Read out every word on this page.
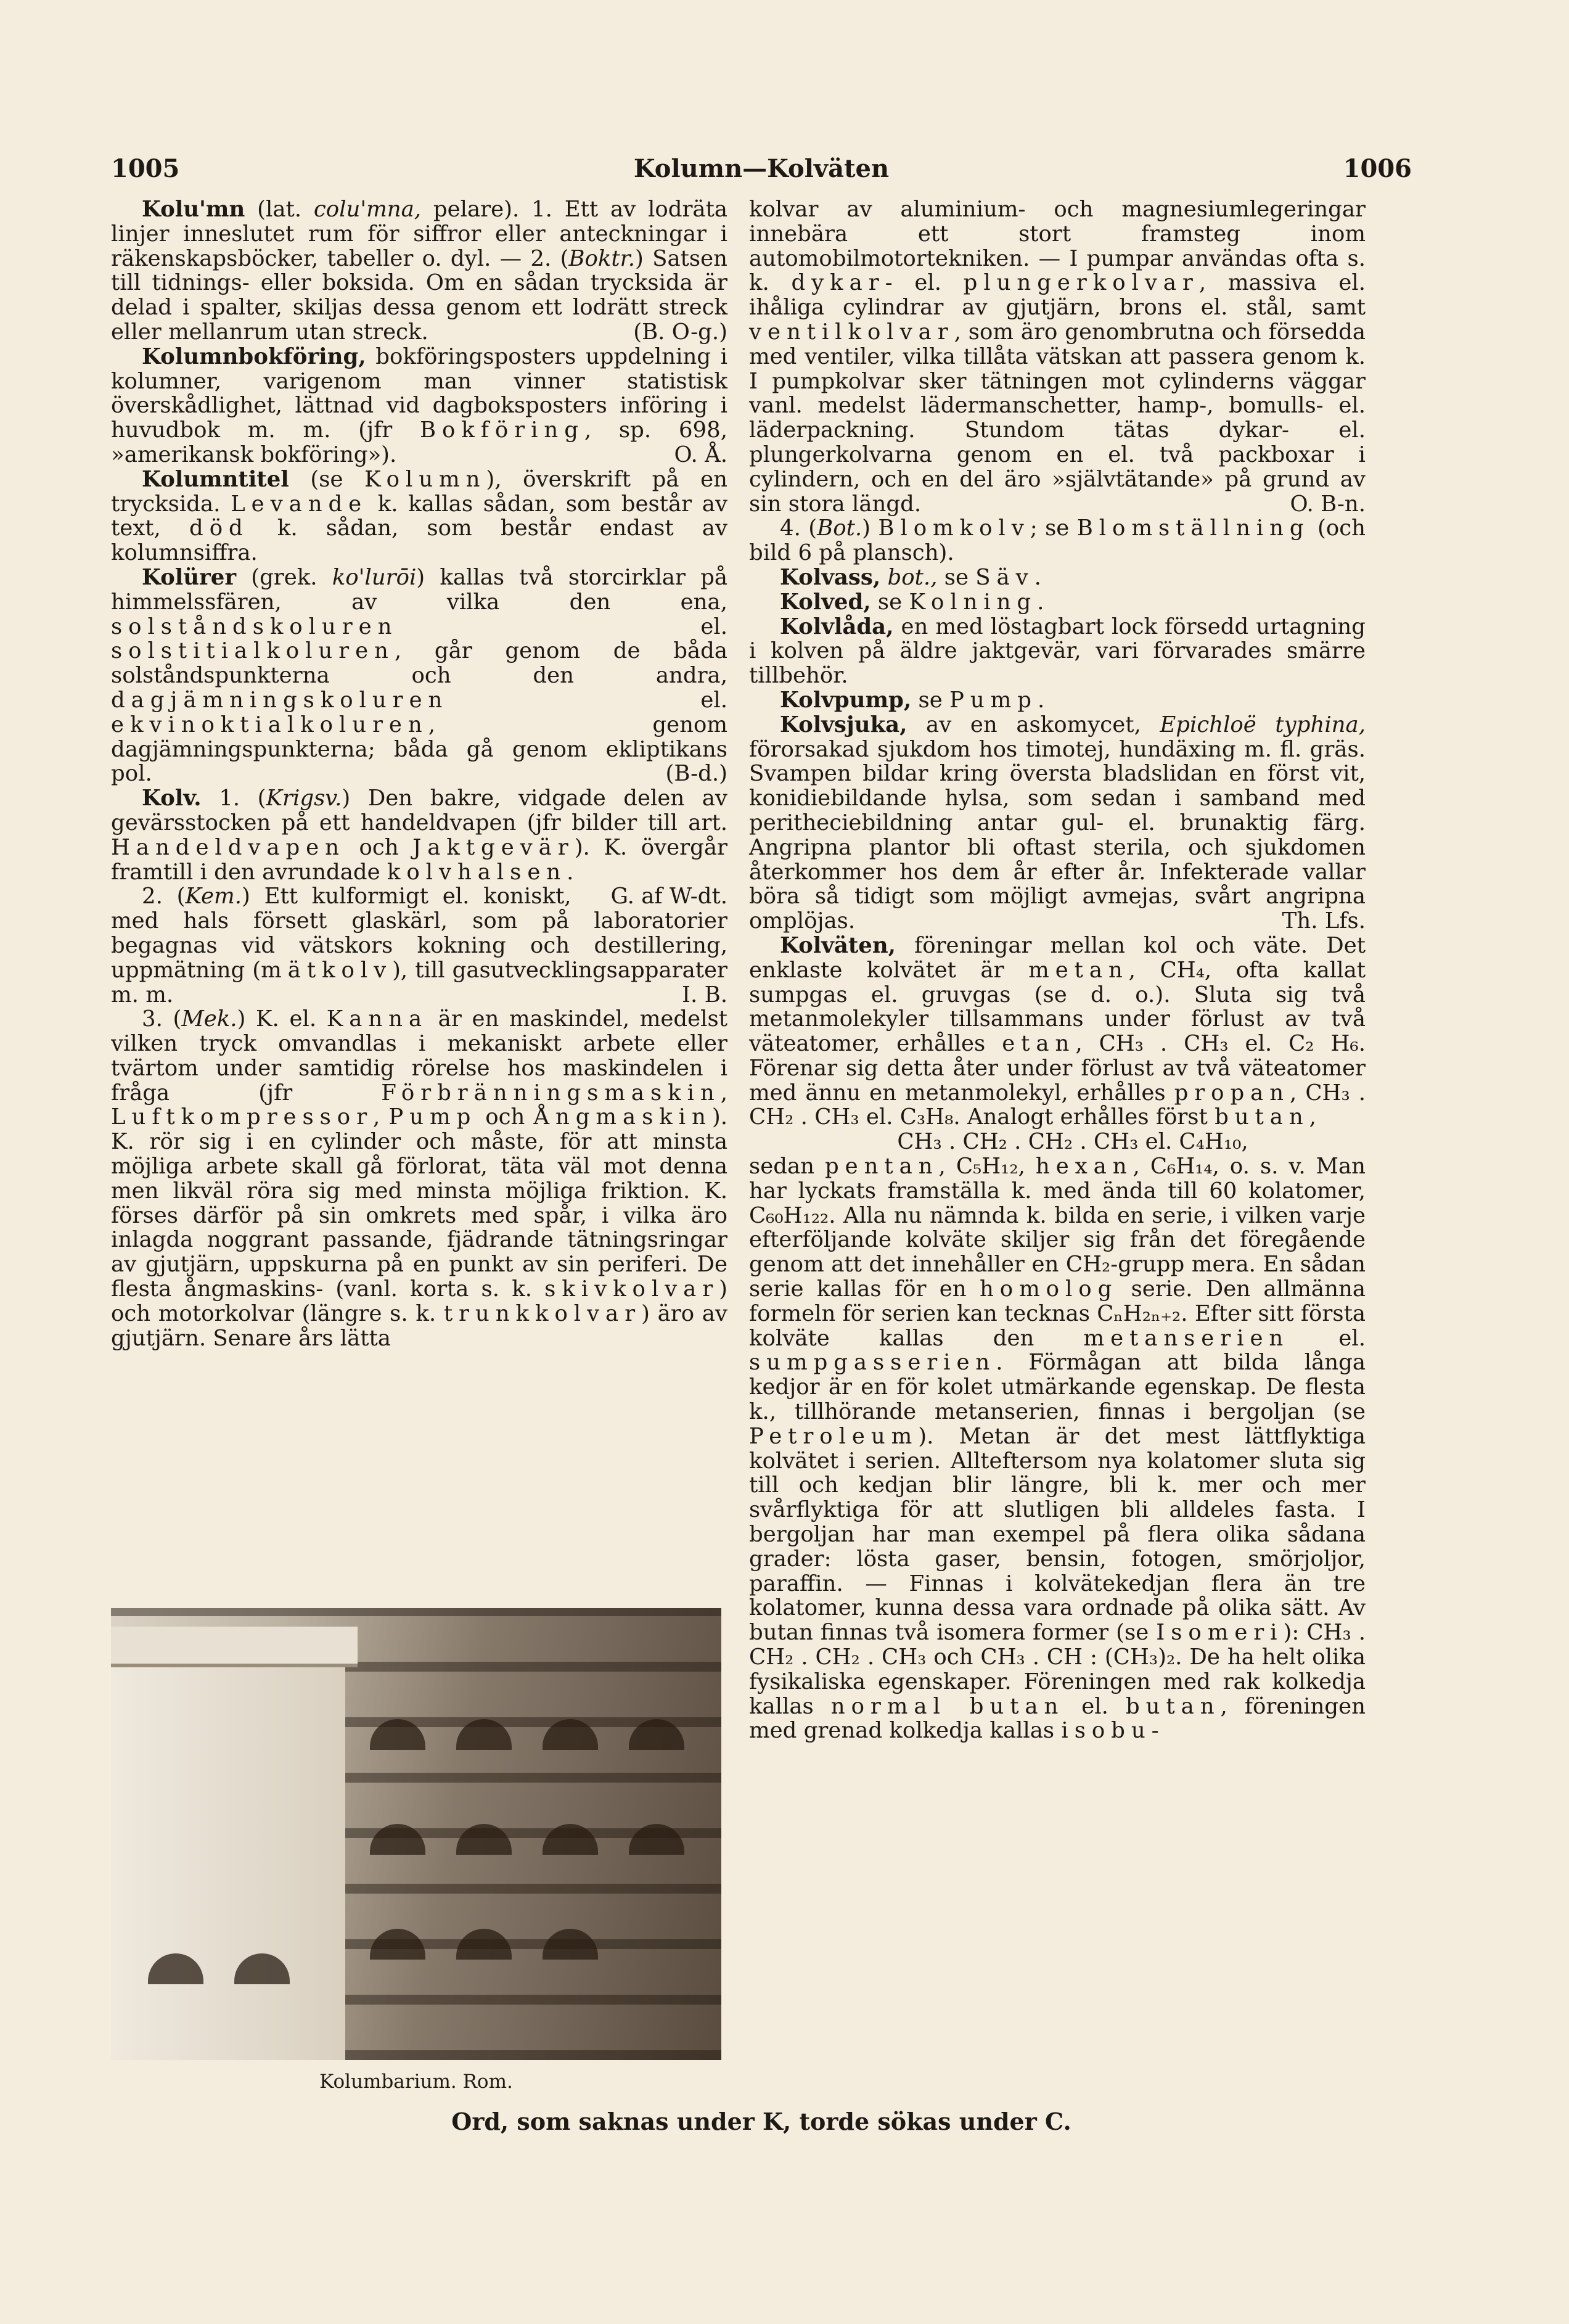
1005	Kolumn—Kolväten	1006

Kolu'mn (lat. colu'mna, pelare). 1. Ett av lodräta linjer inneslutet rum för siffror eller anteckningar i räkenskapsböcker, tabeller o. dyl. — 2. (Boktr.) Satsen till tidnings- eller boksida. Om en sådan trycksida är delad i spalter, skiljas dessa genom ett lodrätt streck eller mellanrum utan streck.	(B. O-g.)

Kolumnbokföring, bokföringsposters uppdelning i kolumner, varigenom man vinner statistisk överskådlighet, lättnad vid dagboksposters införing i huvudbok m. m. (jfr Bokföring, sp. 698, »amerikansk bokföring»).	O. Å.

Kolumntitel (se Kolumn), överskrift på en trycksida. Levande k. kallas sådan, som består av text, död k. sådan, som består endast av kolumnsiffra.

Kolürer (grek. ko'lurōi) kallas två storcirklar på himmelssfären, av vilka den ena, solståndskoluren el. solstitialkoluren, går genom de båda solståndspunkterna och den andra, dagjämningskoluren el. ekvinoktialkoluren, genom dagjämningspunkterna; båda gå genom ekliptikans pol.	(B-d.)

Kolv. 1. (Krigsv.) Den bakre, vidgade delen av gevärsstocken på ett handeldvapen (jfr bilder till art. Handeldvapen och Jaktgevär). K. övergår framtill i den avrundade kolvhalsen.
G. af W-dt.

2. (Kem.) Ett kulformigt el. koniskt, med hals försett glaskärl, som på laboratorier begagnas vid vätskors kokning och destillering, uppmätning (mätkolv), till gasutvecklingsapparater m. m.	I. B.

3. (Mek.) K. el. Kanna är en maskindel, medelst vilken tryck omvandlas i mekaniskt arbete eller tvärtom under samtidig rörelse hos maskindelen i fråga (jfr Förbränningsmaskin, Luftkompressor, Pump och Ångmaskin). K. rör sig i en cylinder och måste, för att minsta möjliga arbete skall gå förlorat, täta väl mot denna men likväl röra sig med minsta möjliga friktion. K. förses därför på sin omkrets med spår, i vilka äro inlagda noggrant passande, fjädrande tätningsringar av gjutjärn, uppskurna på en punkt av sin periferi. De flesta ångmaskins- (vanl. korta s. k. skivkolvar) och motorkolvar (längre s. k. trunkkolvar) äro av gjutjärn. Senare års lätta

Kolumbarium. Rom.

kolvar av aluminium- och magnesiumlegeringar innebära ett stort framsteg inom automobilmotortekniken. — I pumpar användas ofta s. k. dykar- el. plungerkolvar, massiva el. ihåliga cylindrar av gjutjärn, brons el. stål, samt ventilkolvar, som äro genombrutna och försedda med ventiler, vilka tillåta vätskan att passera genom k. I pumpkolvar sker tätningen mot cylinderns väggar vanl. medelst lädermanschetter, hamp-, bomulls- el. läderpackning. Stundom tätas dykar- el. plungerkolvarna genom en el. två packboxar i cylindern, och en del äro »självtätande» på grund av sin stora längd.	O. B-n.

4. (Bot.) Blomkolv; se Blomställning (och bild 6 på plansch).

Kolvass, bot., se Säv.

Kolved, se Kolning.

Kolvlåda, en med löstagbart lock försedd urtagning i kolven på äldre jaktgevär, vari förvarades smärre tillbehör.

Kolvpump, se Pump.

Kolvsjuka, av en askomycet, Epichloë typhina, förorsakad sjukdom hos timotej, hundäxing m. fl. gräs. Svampen bildar kring översta bladslidan en först vit, konidiebildande hylsa, som sedan i samband med peritheciebildning antar gul- el. brunaktig färg. Angripna plantor bli oftast sterila, och sjukdomen återkommer hos dem år efter år. Infekterade vallar böra så tidigt som möjligt avmejas, svårt angripna omplöjas.	Th. Lfs.

Kolväten, föreningar mellan kol och väte. Det enklaste kolvätet är metan, CH₄, ofta kallat sumpgas el. gruvgas (se d. o.). Sluta sig två metanmolekyler tillsammans under förlust av två väteatomer, erhålles etan, CH₃ . CH₃ el. C₂ H₆. Förenar sig detta åter under förlust av två väteatomer med ännu en metanmolekyl, erhålles propan, CH₃ . CH₂ . CH₃ el. C₃H₈. Analogt erhålles först butan,

CH₃ . CH₂ . CH₂ . CH₃ el. C₄H₁₀,

sedan pentan, C₅H₁₂, hexan, C₆H₁₄, o. s. v. Man har lyckats framställa k. med ända till 60 kolatomer, C₆₀H₁₂₂. Alla nu nämnda k. bilda en serie, i vilken varje efterföljande kolväte skiljer sig från det föregående genom att det innehåller en CH₂-grupp mera. En sådan serie kallas för en homolog serie. Den allmänna formeln för serien kan tecknas CₙH₂ₙ₊₂. Efter sitt första kolväte kallas den metanserien el. sumpgasserien. Förmågan att bilda långa kedjor är en för kolet utmärkande egenskap. De flesta k., tillhörande metanserien, finnas i bergoljan (se Petroleum). Metan är det mest lättflyktiga kolvätet i serien. Allteftersom nya kolatomer sluta sig till och kedjan blir längre, bli k. mer och mer svårflyktiga för att slutligen bli alldeles fasta. I bergoljan har man exempel på flera olika sådana grader: lösta gaser, bensin, fotogen, smörjoljor, paraffin. — Finnas i kolvätekedjan flera än tre kolatomer, kunna dessa vara ordnade på olika sätt. Av butan finnas två isomera former (se Isomeri): CH₃ . CH₂ . CH₂ . CH₃ och CH₃ . CH : (CH₃)₂. De ha helt olika fysikaliska egenskaper. Föreningen med rak kolkedja kallas normal butan el. butan, föreningen med grenad kolkedja kallas isobu-

Ord, som saknas under K, torde sökas under C.
